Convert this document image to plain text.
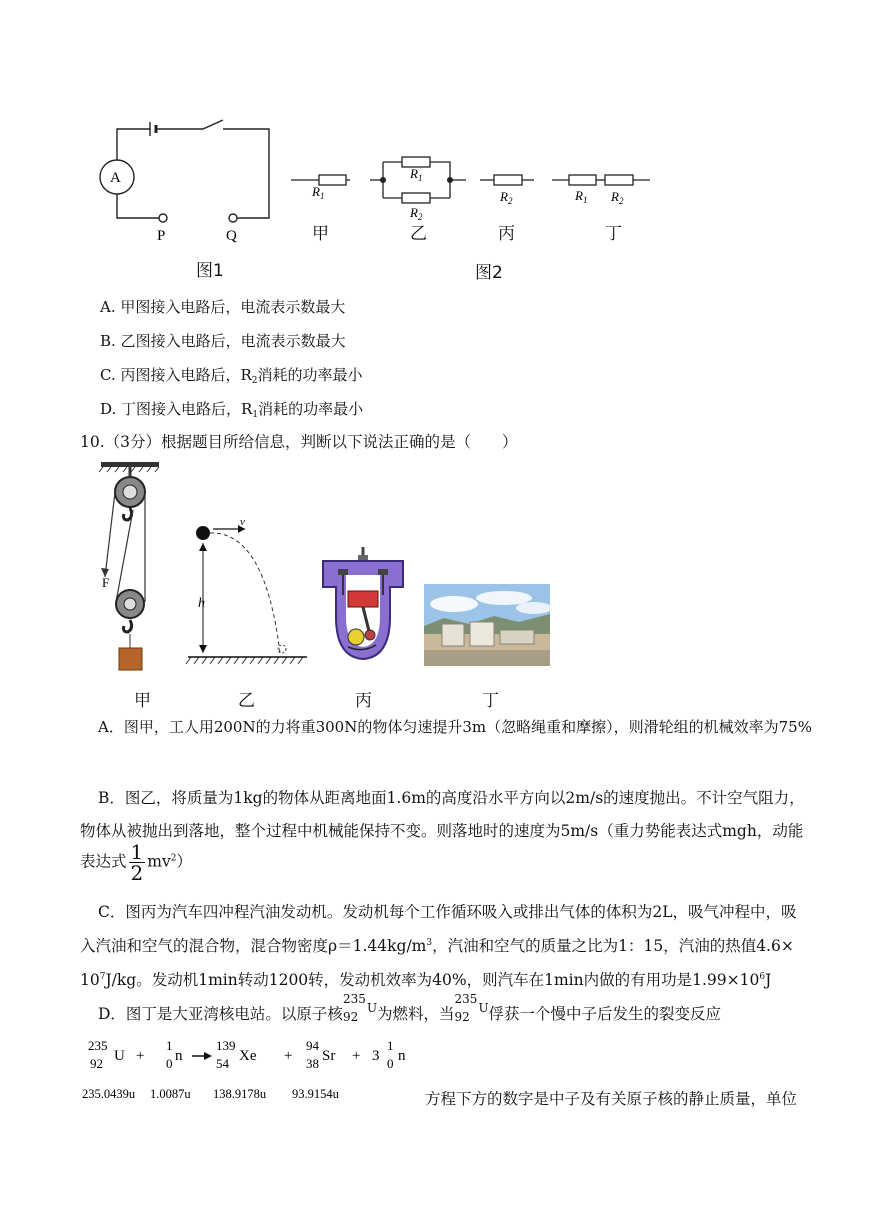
A
P	Q
图1
$R_1$
$R_1$
$R_2$
$R_2$	$R_1$ $R_2$
甲	乙	丙	丁
图2
A. 甲图接入电路后，电流表示数最大
B. 乙图接入电路后，电流表示数最大
C. 丙图接入电路后，$R_2$消耗的功率最小
D. 丁图接入电路后，$R_1$消耗的功率最小
10.（3分）根据题目所给信息，判断以下说法正确的是（　　）
F
v
h
甲	乙	丙	丁
A．图甲，工人用200N的力将重300N的物体匀速提升3m（忽略绳重和摩擦），则滑轮组的机械效率为75%
B．图乙，将质量为1kg的物体从距离地面1.6m的高度沿水平方向以2m/s的速度抛出。不计空气阻力，
物体从被抛出到落地，整个过程中机械能保持不变。则落地时的速度为5m/s（重力势能表达式mgh，动能
表达式 $\frac{1}{2} mv^2$）
C．图丙为汽车四冲程汽油发动机。发动机每个工作循环吸入或排出气体的体积为2L，吸气冲程中，吸
入汽油和空气的混合物，混合物密度$\rho=1.44kg/m^3$，汽油和空气的质量之比为1：15，汽油的热值4.6×
$10^7J/kg$。发动机1min转动1200转，发动机效率为40%，则汽车在1min内做的有用功是$1.99\times 10^6J$
D．图丁是大亚湾核电站。以原子核
235
92
U 为燃料，当
235
92
U 俘获一个慢中子后发生的裂变反应
235
92 U +
1
0 n
139
54 Xe +
94
38 Sr + 3
1
0 n
235.0439u 1.0087u 138.9178u 93.9154u	方程下方的数字是中子及有关原子核的静止质量，单位
